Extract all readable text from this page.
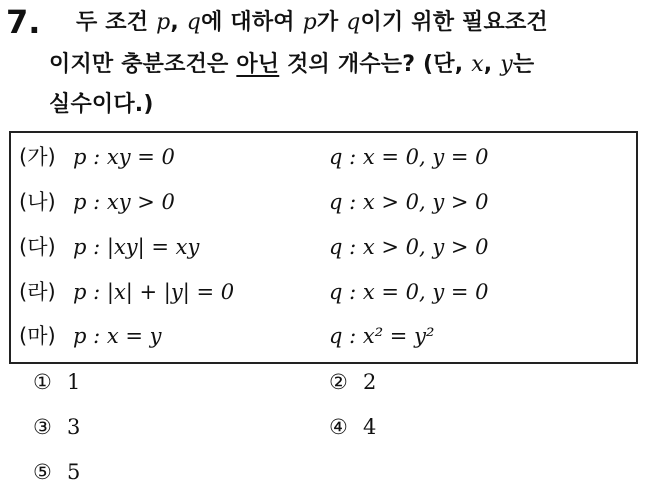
7. 두 조건 p, q에 대하여 p가 q이기 위한 필요조건
이지만 충분조건은 아닌 것의 개수는? (단, x, y는
실수이다.)
(가) p : xy = 0	q : x = 0, y = 0
(나) p : xy > 0	q : x > 0, y > 0
(다) p : |xy| = xy	q : x > 0, y > 0
(라) p : |x| + |y| = 0	q : x = 0, y = 0
(마) p : x = y	q : x² = y²
① 1	② 2
③ 3	④ 4
⑤ 5
